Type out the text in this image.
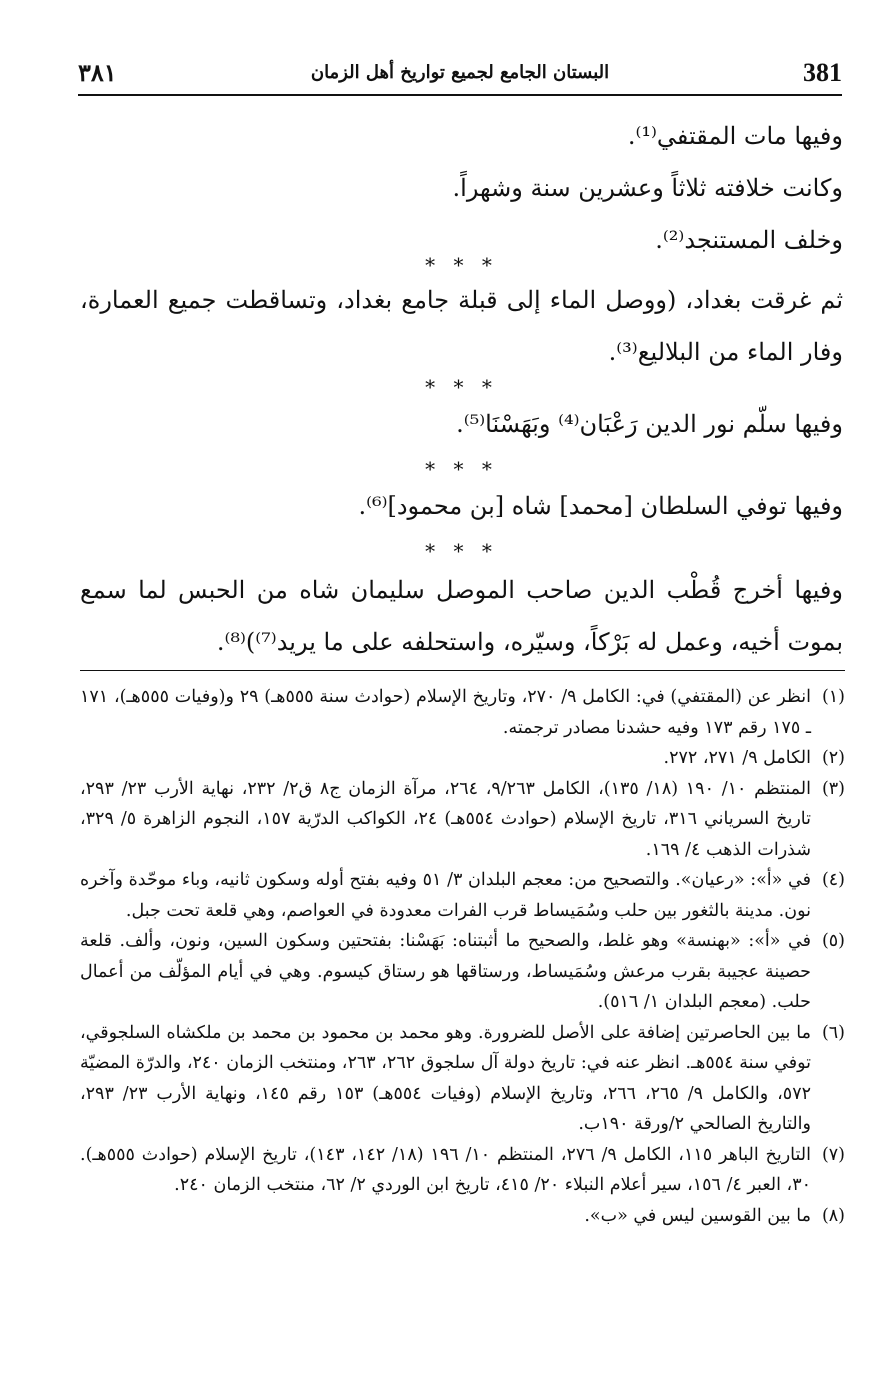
381
البستان الجامع لجميع تواريخ أهل الزمان
٣٨١

وفيها مات المقتفي⁽¹⁾.

وكانت خلافته ثلاثاً وعشرين سنة وشهراً.

وخلف المستنجد⁽²⁾.

* * *

ثم غرقت بغداد، (ووصل الماء إلى قبلة جامع بغداد، وتساقطت جميع العمارة، وفار الماء من البلاليع⁽³⁾.

* * *

وفيها سلّم نور الدين رَعْبَان⁽⁴⁾ وبَهَسْنَا⁽⁵⁾.

* * *

وفيها توفي السلطان [محمد] شاه [بن محمود]⁽⁶⁾.

* * *

وفيها أخرج قُطْب الدين صاحب الموصل سليمان شاه من الحبس لما سمع بموت أخيه، وعمل له بَرْكاً، وسيّره، واستحلفه على ما يريد⁽⁷⁾)⁽⁸⁾.

(١)
انظر عن (المقتفي) في: الكامل ٩/ ٢٧٠، وتاريخ الإسلام (حوادث سنة ٥٥٥هـ) ٢٩ و(وفيات ٥٥٥هـ)، ١٧١ ـ ١٧٥ رقم ١٧٣ وفيه حشدنا مصادر ترجمته.

(٢)
الكامل ٩/ ٢٧١، ٢٧٢.

(٣)
المنتظم ١٠/ ١٩٠ (١٨/ ١٣٥)، الكامل ٩/٢٦٣، ٢٦٤، مرآة الزمان ج٨ ق٢/ ٢٣٢، نهاية الأرب ٢٣/ ٢٩٣، تاريخ السرياني ٣١٦، تاريخ الإسلام (حوادث ٥٥٤هـ) ٢٤، الكواكب الدرّية ١٥٧، النجوم الزاهرة ٥/ ٣٢٩، شذرات الذهب ٤/ ١٦٩.

(٤)
في «أ»: «رعيان». والتصحيح من: معجم البلدان ٣/ ٥١ وفيه بفتح أوله وسكون ثانيه، وباء موحّدة وآخره نون. مدينة بالثغور بين حلب وسُمَيساط قرب الفرات معدودة في العواصم، وهي قلعة تحت جبل.

(٥)
في «أ»: «بهنسة» وهو غلط، والصحيح ما أثبتناه: بَهَسْنا: بفتحتين وسكون السين، ونون، وألف. قلعة حصينة عجيبة بقرب مرعش وسُمَيساط، ورستاقها هو رستاق كيسوم. وهي في أيام المؤلّف من أعمال حلب. (معجم البلدان ١/ ٥١٦).

(٦)
ما بين الحاصرتين إضافة على الأصل للضرورة. وهو محمد بن محمود بن محمد بن ملكشاه السلجوقي، توفي سنة ٥٥٤هـ. انظر عنه في: تاريخ دولة آل سلجوق ٢٦٢، ٢٦٣، ومنتخب الزمان ٢٤٠، والدرّة المضيّة ٥٧٢، والكامل ٩/ ٢٦٥، ٢٦٦، وتاريخ الإسلام (وفيات ٥٥٤هـ) ١٥٣ رقم ١٤٥، ونهاية الأرب ٢٣/ ٢٩٣، والتاريخ الصالحي ٢/ورقة ١٩٠ب.

(٧)
التاريخ الباهر ١١٥، الكامل ٩/ ٢٧٦، المنتظم ١٠/ ١٩٦ (١٨/ ١٤٢، ١٤٣)، تاريخ الإسلام (حوادث ٥٥٥هـ). ٣٠، العبر ٤/ ١٥٦، سير أعلام النبلاء ٢٠/ ٤١٥، تاريخ ابن الوردي ٢/ ٦٢، منتخب الزمان ٢٤٠.

(٨)
ما بين القوسين ليس في «ب».
